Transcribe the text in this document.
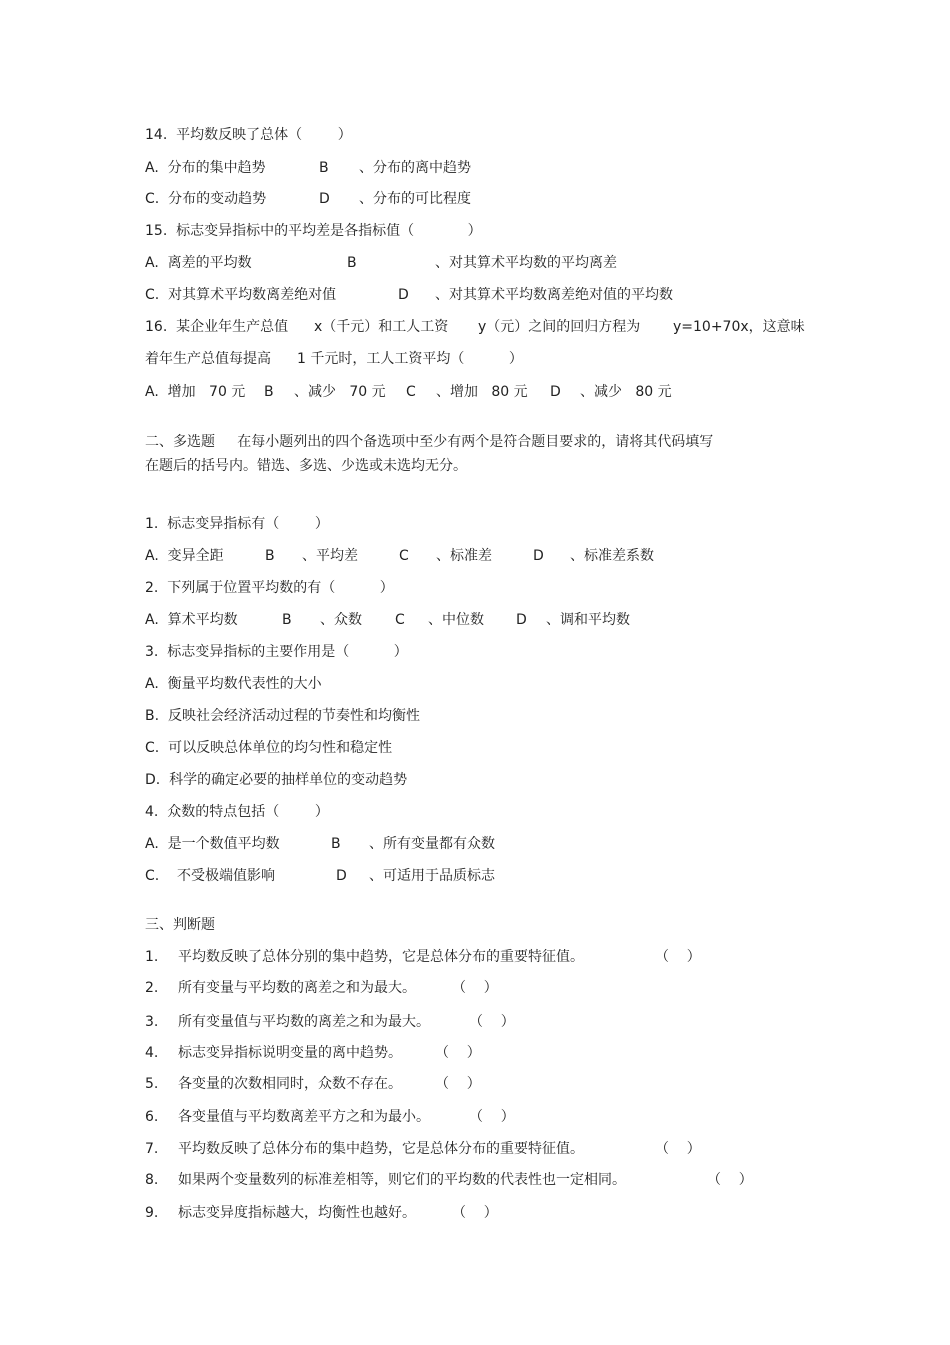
14.  平均数反映了总体（        ）

A.  分布的集中趋势

	B

、分布的离中趋势

C.  分布的变动趋势

	D

、分布的可比程度

15.  标志变异指标中的平均差是各指标值（            ）

A.  离差的平均数

	B

	、对其算术平均数的平均离差

C.  对其算术平均数离差绝对值

	D

、对其算术平均数离差绝对值的平均数

16.  某企业年生产总值

x（千元）和工人工资

y（元）之间的回归方程为

y=10+70x，这意味

着年生产总值每提高

1 千元时，工人工资平均（          ）

A.  增加   70 元

B

、减少   70 元

C

、增加   80 元

D

、减少   80 元

二、多选题     在每小题列出的四个备选项中至少有两个是符合题目要求的，请将其代码填写
在题后的括号内。错选、多选、少选或未选均无分。
1.  标志变异指标有（        ）

A.  变异全距

	B

、平均差

	C

、标准差

	D

、标准差系数

2.  下列属于位置平均数的有（          ）

A.  算术平均数

	B

、众数

C

、中位数

D

、调和平均数

3.  标志变异指标的主要作用是（          ）
A.  衡量平均数代表性的大小
B.  反映社会经济活动过程的节奏性和均衡性
C.  可以反映总体单位的均匀性和稳定性
D.  科学的确定必要的抽样单位的变动趋势
4.  众数的特点包括（        ）

A.  是一个数值平均数

	B

、所有变量都有众数

C.    不受极端值影响

	D

、可适用于品质标志

三、判断题

1.

平均数反映了总体分别的集中趋势，它是总体分布的重要特征值。

	（    ）

2.

所有变量与平均数的离差之和为最大。

	（    ）

3.

所有变量值与平均数的离差之和为最大。

	（    ）

4.

标志变异指标说明变量的离中趋势。

（    ）

5.

各变量的次数相同时，众数不存在。

（    ）

6.

各变量值与平均数离差平方之和为最小。

	（    ）

7.

平均数反映了总体分布的集中趋势，它是总体分布的重要特征值。

	（    ）

8.

如果两个变量数列的标准差相等，则它们的平均数的代表性也一定相同。

	（    ）

9.

标志变异度指标越大，均衡性也越好。

	（    ）
